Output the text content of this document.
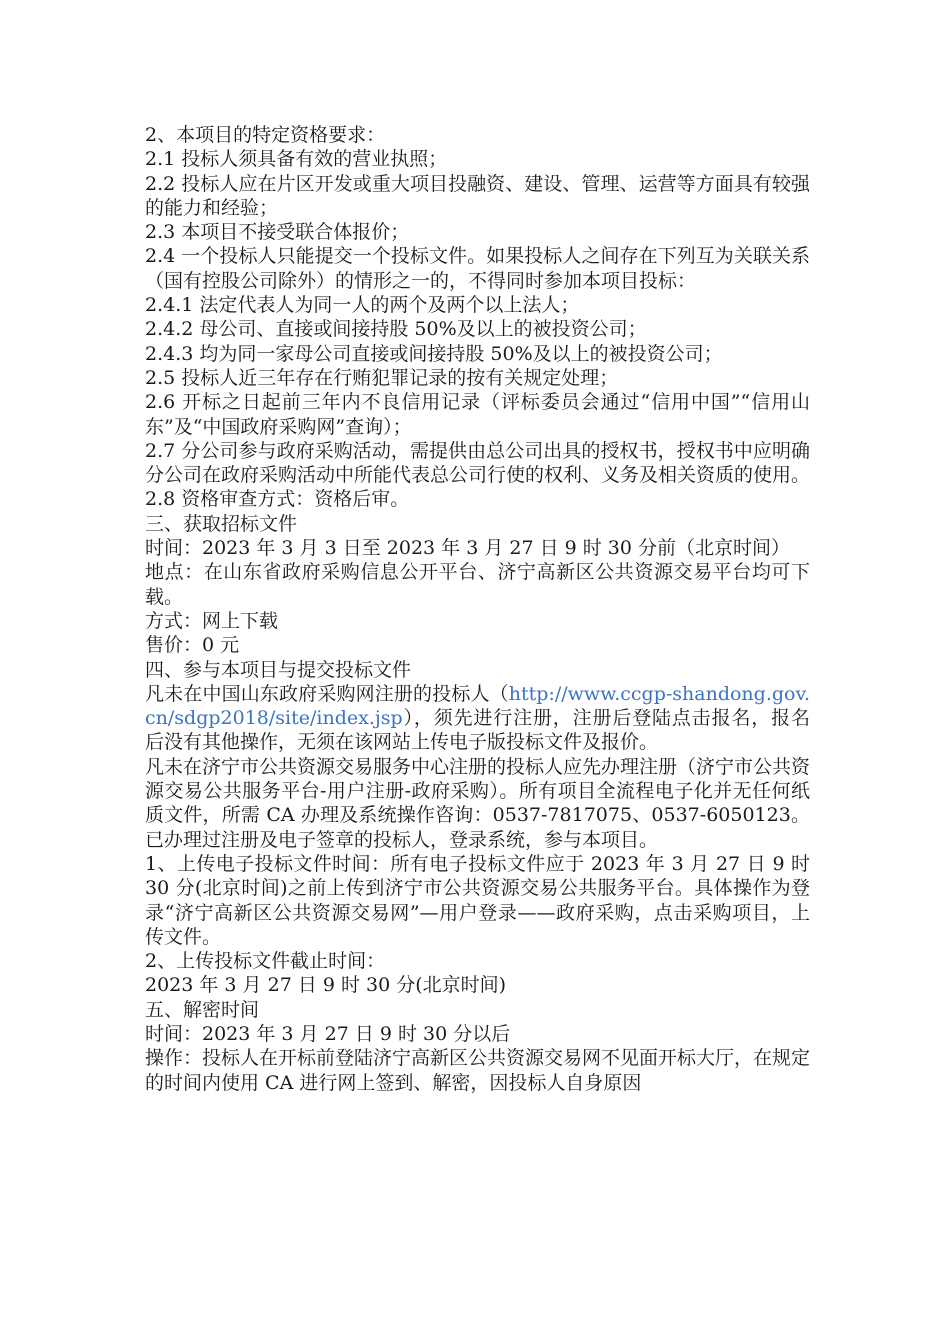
2、本项目的特定资格要求：

2.1 投标人须具备有效的营业执照；

2.2 投标人应在片区开发或重大项目投融资、建设、管理、运营等方面具有较强的能力和经验；

2.3 本项目不接受联合体报价；

2.4 一个投标人只能提交一个投标文件。如果投标人之间存在下列互为关联关系 （国有控股公司除外）的情形之一的，不得同时参加本项目投标：

2.4.1 法定代表人为同一人的两个及两个以上法人；

2.4.2 母公司、直接或间接持股 50%及以上的被投资公司；

2.4.3 均为同一家母公司直接或间接持股 50%及以上的被投资公司；

2.5 投标人近三年存在行贿犯罪记录的按有关规定处理；

2.6 开标之日起前三年内不良信用记录（评标委员会通过“信用中国”“信用山东”及“中国政府采购网”查询）；

2.7 分公司参与政府采购活动，需提供由总公司出具的授权书，授权书中应明确分公司在政府采购活动中所能代表总公司行使的权利、义务及相关资质的使用。

2.8 资格审查方式：资格后审。

三、获取招标文件

时间：2023 年 3 月 3 日至 2023 年 3 月 27 日 9 时 30 分前（北京时间）

地点：在山东省政府采购信息公开平台、济宁高新区公共资源交易平台均可下载。

方式：网上下载

售价：0 元

四、参与本项目与提交投标文件

凡未在中国山东政府采购网注册的投标人（http://www.ccgp-shandong.gov.cn/sdgp2018/site/index.jsp），须先进行注册，注册后登陆点击报名，报名后没有其他操作，无须在该网站上传电子版投标文件及报价。

凡未在济宁市公共资源交易服务中心注册的投标人应先办理注册（济宁市公共资源交易公共服务平台-用户注册-政府采购）。所有项目全流程电子化并无任何纸质文件，所需 CA 办理及系统操作咨询：0537-7817075、0537-6050123。已办理过注册及电子签章的投标人，登录系统，参与本项目。

1、上传电子投标文件时间：所有电子投标文件应于 2023 年 3 月 27 日 9 时 30 分(北京时间)之前上传到济宁市公共资源交易公共服务平台。具体操作为登录“济宁高新区公共资源交易网”—用户登录——政府采购，点击采购项目，上传文件。

2、上传投标文件截止时间：

2023 年 3 月 27 日 9 时 30 分(北京时间)

五、解密时间

时间：2023 年 3 月 27 日 9 时 30 分以后

操作：投标人在开标前登陆济宁高新区公共资源交易网不见面开标大厅，在规定的时间内使用 CA 进行网上签到、解密，因投标人自身原因
